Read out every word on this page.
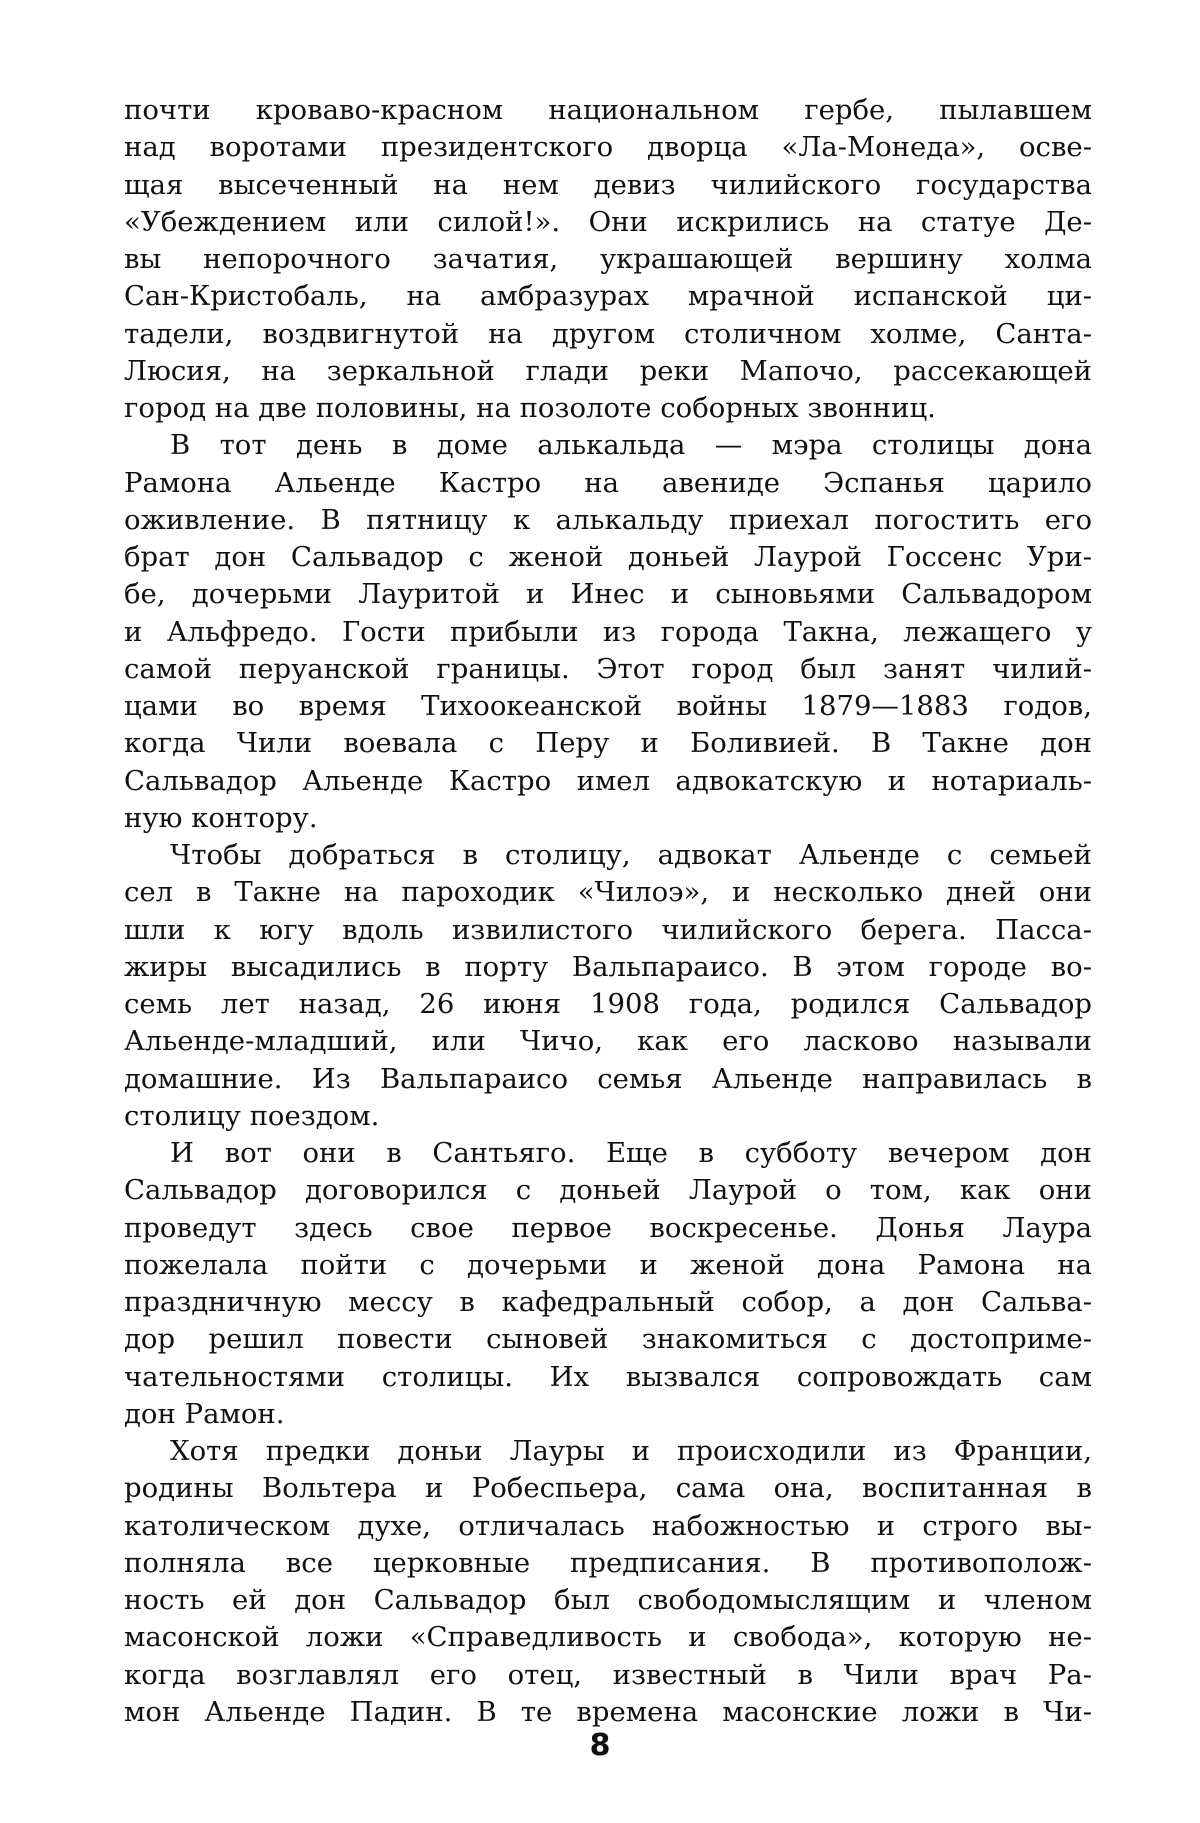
почти кроваво-красном национальном гербе, пылавшем
над воротами президентского дворца «Ла-Монеда», осве-
щая высеченный на нем девиз чилийского государства
«Убеждением или силой!». Они искрились на статуе Де-
вы непорочного зачатия, украшающей вершину холма
Сан-Кристобаль, на амбразурах мрачной испанской ци-
тадели, воздвигнутой на другом столичном холме, Санта-
Люсия, на зеркальной глади реки Мапочо, рассекающей
город на две половины, на позолоте соборных звонниц.
В тот день в доме алькальда — мэра столицы дона
Рамона Альенде Кастро на авениде Эспанья царило
оживление. В пятницу к алькальду приехал погостить его
брат дон Сальвадор с женой доньей Лаурой Госсенс Ури-
бе, дочерьми Лауритой и Инес и сыновьями Сальвадором
и Альфредо. Гости прибыли из города Такна, лежащего у
самой перуанской границы. Этот город был занят чилий-
цами во время Тихоокеанской войны 1879—1883 годов,
когда Чили воевала с Перу и Боливией. В Такне дон
Сальвадор Альенде Кастро имел адвокатскую и нотариаль-
ную контору.
Чтобы добраться в столицу, адвокат Альенде с семьей
сел в Такне на пароходик «Чилоэ», и несколько дней они
шли к югу вдоль извилистого чилийского берега. Пасса-
жиры высадились в порту Вальпараисо. В этом городе во-
семь лет назад, 26 июня 1908 года, родился Сальвадор
Альенде-младший, или Чичо, как его ласково называли
домашние. Из Вальпараисо семья Альенде направилась в
столицу поездом.
И вот они в Сантьяго. Еще в субботу вечером дон
Сальвадор договорился с доньей Лаурой о том, как они
проведут здесь свое первое воскресенье. Донья Лаура
пожелала пойти с дочерьми и женой дона Рамона на
праздничную мессу в кафедральный собор, а дон Сальва-
дор решил повести сыновей знакомиться с достоприме-
чательностями столицы. Их вызвался сопровождать сам
дон Рамон.
Хотя предки доньи Лауры и происходили из Франции,
родины Вольтера и Робеспьера, сама она, воспитанная в
католическом духе, отличалась набожностью и строго вы-
полняла все церковные предписания. В противополож-
ность ей дон Сальвадор был свободомыслящим и членом
масонской ложи «Справедливость и свобода», которую не-
когда возглавлял его отец, известный в Чили врач Ра-
мон Альенде Падин. В те времена масонские ложи в Чи-
8
